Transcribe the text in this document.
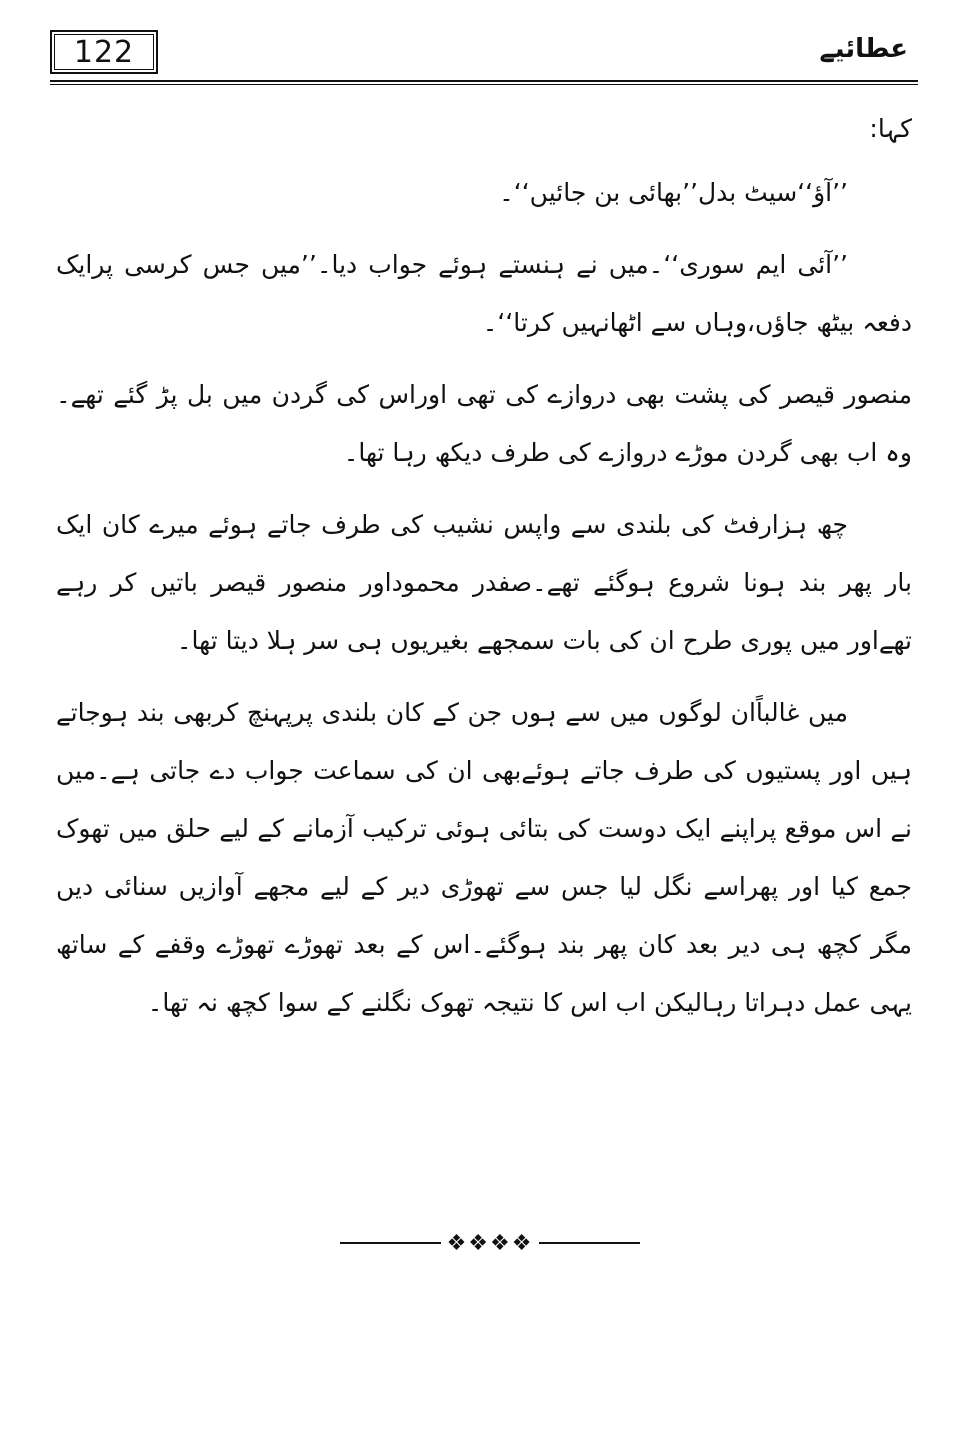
122	عطائیے

کہا:

’’آؤ‘‘سیٹ بدل’’بھائی بن جائیں‘‘۔

’’آئی ایم سوری‘‘۔میں نے ہنستے ہوئے جواب دیا۔’’میں جس کرسی پرایک دفعہ بیٹھ جاؤں،وہاں سے اٹھانہیں کرتا‘‘۔

منصور قیصر کی پشت بھی دروازے کی تھی اوراس کی گردن میں بل پڑ گئے تھے۔وہ اب بھی گردن موڑے دروازے کی طرف دیکھ رہا تھا۔

چھ ہزارفٹ کی بلندی سے واپس نشیب کی طرف جاتے ہوئے میرے کان ایک بار پھر بند ہونا شروع ہوگئے تھے۔صفدر محموداور منصور قیصر باتیں کر رہے تھےاور میں پوری طرح ان کی بات سمجھے بغیریوں ہی سر ہلا دیتا تھا۔

میں غالباًان لوگوں میں سے ہوں جن کے کان بلندی پرپہنچ کربھی بند ہوجاتے ہیں اور پستیوں کی طرف جاتے ہوئےبھی ان کی سماعت جواب دے جاتی ہے۔میں نے اس موقع پراپنے ایک دوست کی بتائی ہوئی ترکیب آزمانے کے لیے حلق میں تھوک جمع کیا اور پھراسے نگل لیا جس سے تھوڑی دیر کے لیے مجھے آوازیں سنائی دیں مگر کچھ ہی دیر بعد کان پھر بند ہوگئے۔اس کے بعد تھوڑے تھوڑے وقفے کے ساتھ یہی عمل دہراتا رہالیکن اب اس کا نتیجہ تھوک نگلنے کے سوا کچھ نہ تھا۔

❖❖❖❖
